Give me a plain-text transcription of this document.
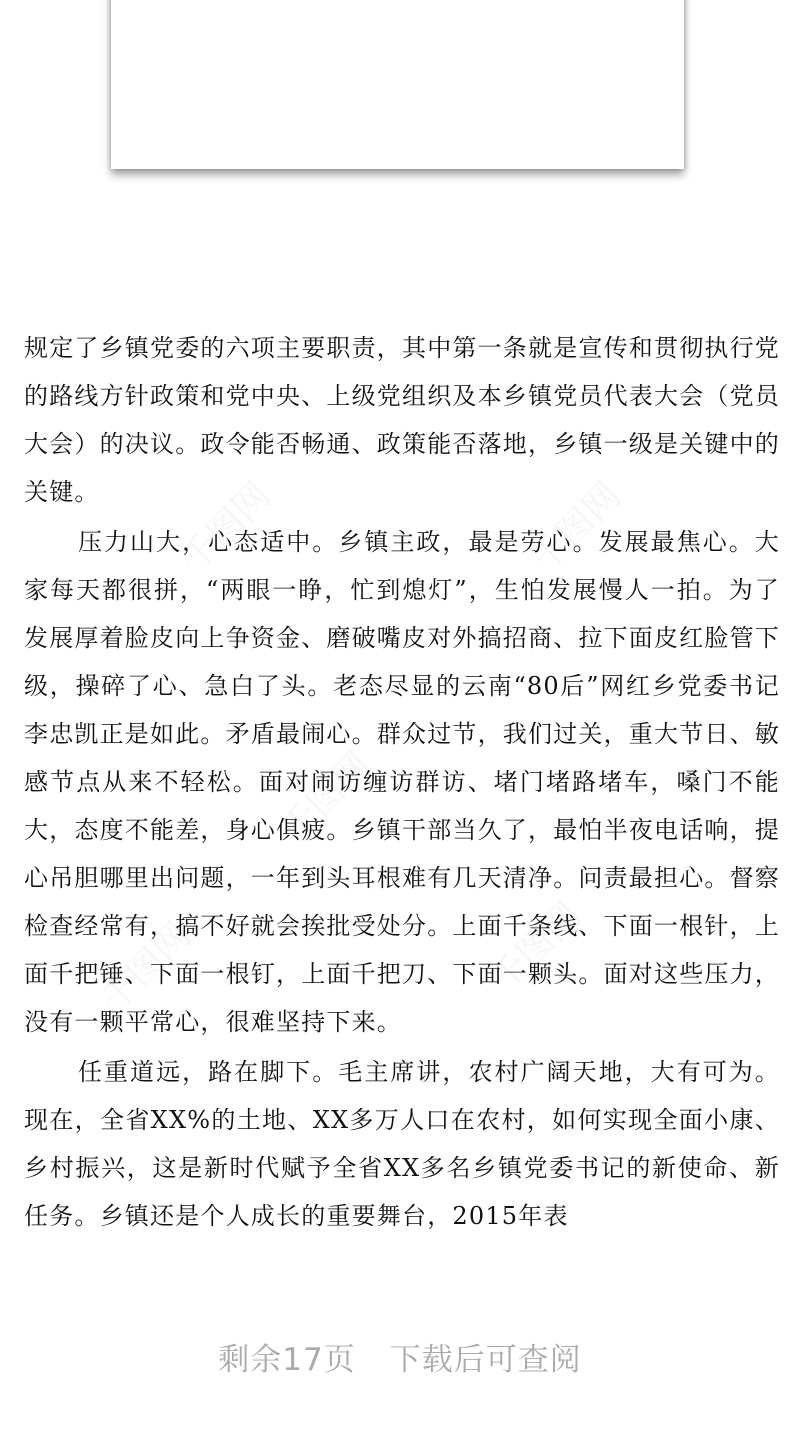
千图网	千图网
千图网
千图网	千图网

规定了乡镇党委的六项主要职责，其中第一条就是宣传和贯彻执行党的路线方针政策和党中央、上级党组织及本乡镇党员代表大会（党员大会）的决议。政令能否畅通、政策能否落地，乡镇一级是关键中的关键。

压力山大，心态适中。乡镇主政，最是劳心。发展最焦心。大家每天都很拼，“两眼一睁，忙到熄灯”，生怕发展慢人一拍。为了发展厚着脸皮向上争资金、磨破嘴皮对外搞招商、拉下面皮红脸管下级，操碎了心、急白了头。老态尽显的云南“80后”网红乡党委书记李忠凯正是如此。矛盾最闹心。群众过节，我们过关，重大节日、敏感节点从来不轻松。面对闹访缠访群访、堵门堵路堵车，嗓门不能大，态度不能差，身心俱疲。乡镇干部当久了，最怕半夜电话响，提心吊胆哪里出问题，一年到头耳根难有几天清净。问责最担心。督察检查经常有，搞不好就会挨批受处分。上面千条线、下面一根针，上面千把锤、下面一根钉，上面千把刀、下面一颗头。面对这些压力，没有一颗平常心，很难坚持下来。

任重道远，路在脚下。毛主席讲，农村广阔天地，大有可为。现在，全省XX%的土地、XX多万人口在农村，如何实现全面小康、乡村振兴，这是新时代赋予全省XX多名乡镇党委书记的新使命、新任务。乡镇还是个人成长的重要舞台，2015年表

剩余17页 下载后可查阅
